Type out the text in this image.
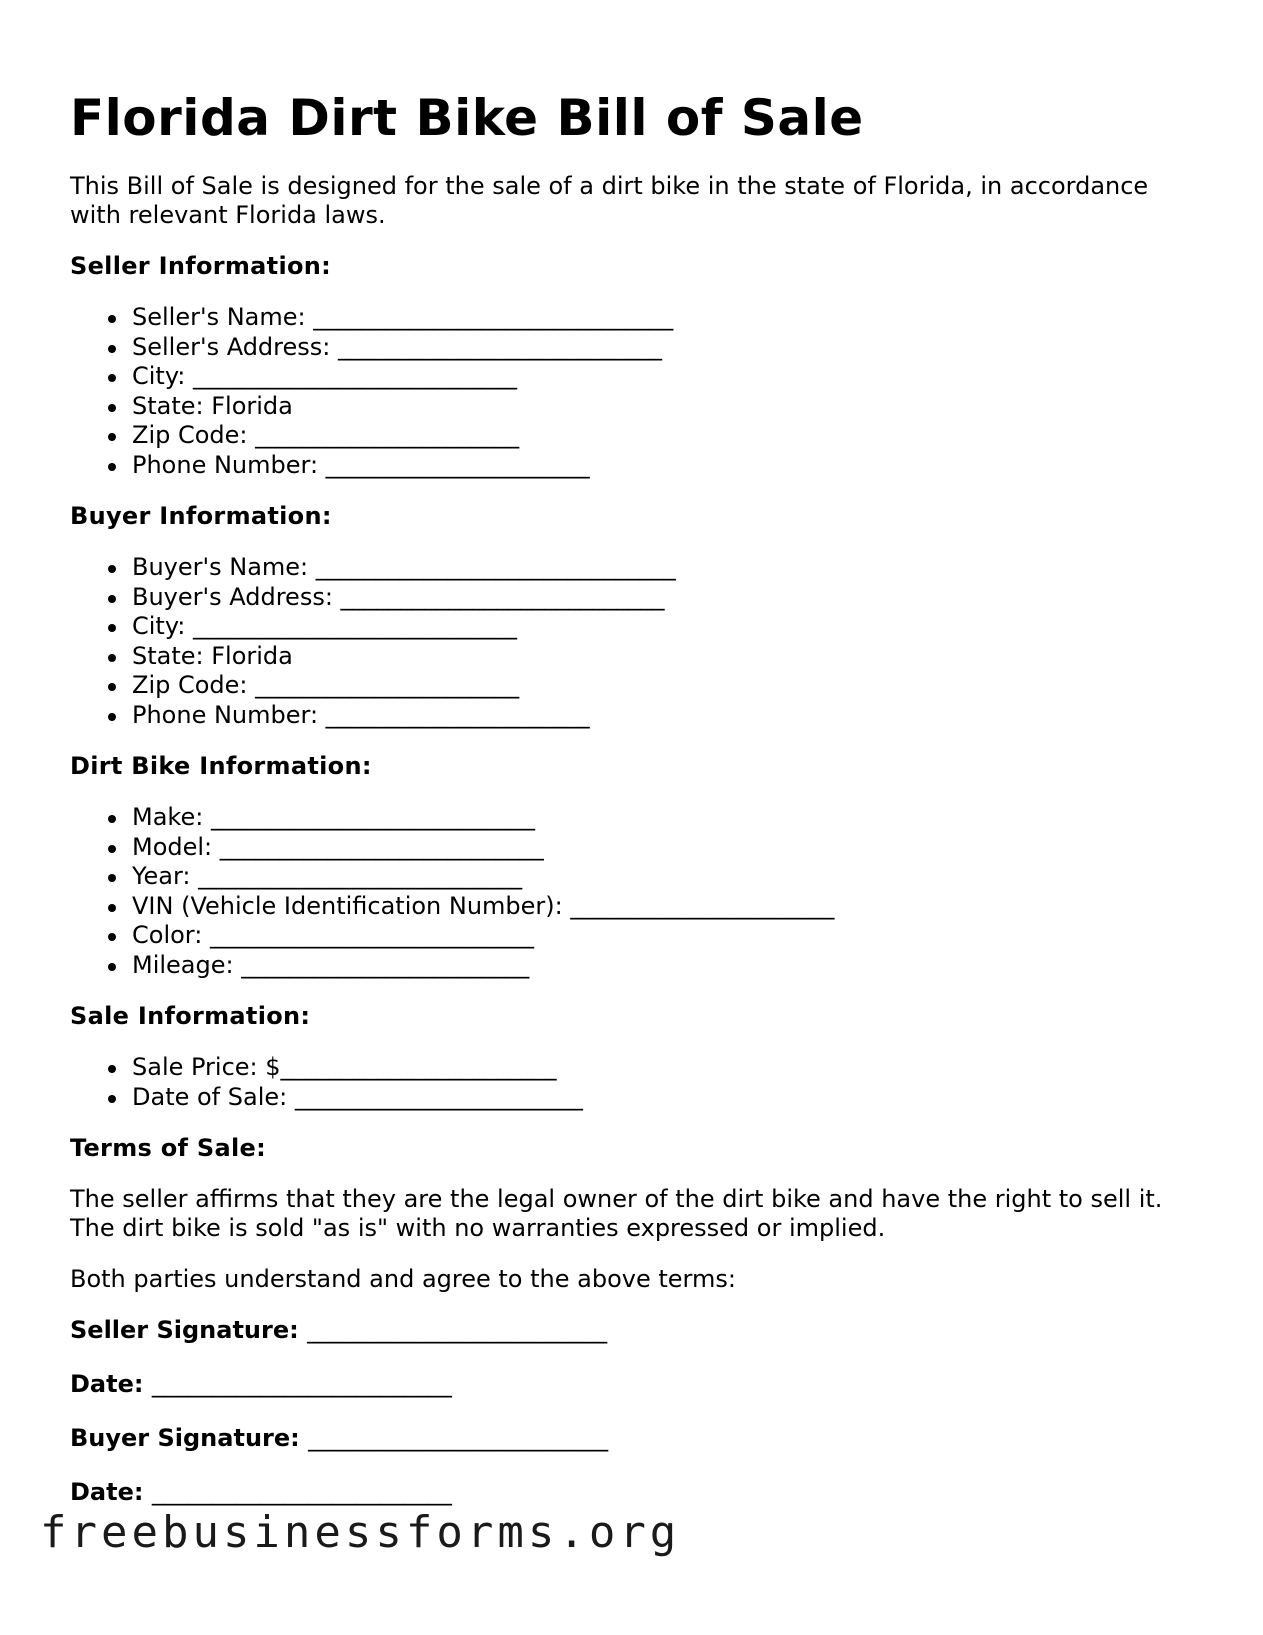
Florida Dirt Bike Bill of Sale

This Bill of Sale is designed for the sale of a dirt bike in the state of Florida, in accordance with relevant Florida laws.

Seller Information:
Seller's Name: ______________________________
Seller's Address: ___________________________
City: ___________________________
State: Florida
Zip Code: ______________________
Phone Number: ______________________
Buyer Information:
Buyer's Name: ______________________________
Buyer's Address: ___________________________
City: ___________________________
State: Florida
Zip Code: ______________________
Phone Number: ______________________
Dirt Bike Information:
Make: ___________________________
Model: ___________________________
Year: ___________________________
VIN (Vehicle Identification Number): ______________________
Color: ___________________________
Mileage: ________________________
Sale Information:
Sale Price: $_______________________
Date of Sale: ________________________
Terms of Sale:

The seller affirms that they are the legal owner of the dirt bike and have the right to sell it. The dirt bike is sold "as is" with no warranties expressed or implied.

Both parties understand and agree to the above terms:

Seller Signature: _________________________
Date: _________________________
Buyer Signature: _________________________
Date: _________________________
freebusinessforms.org
